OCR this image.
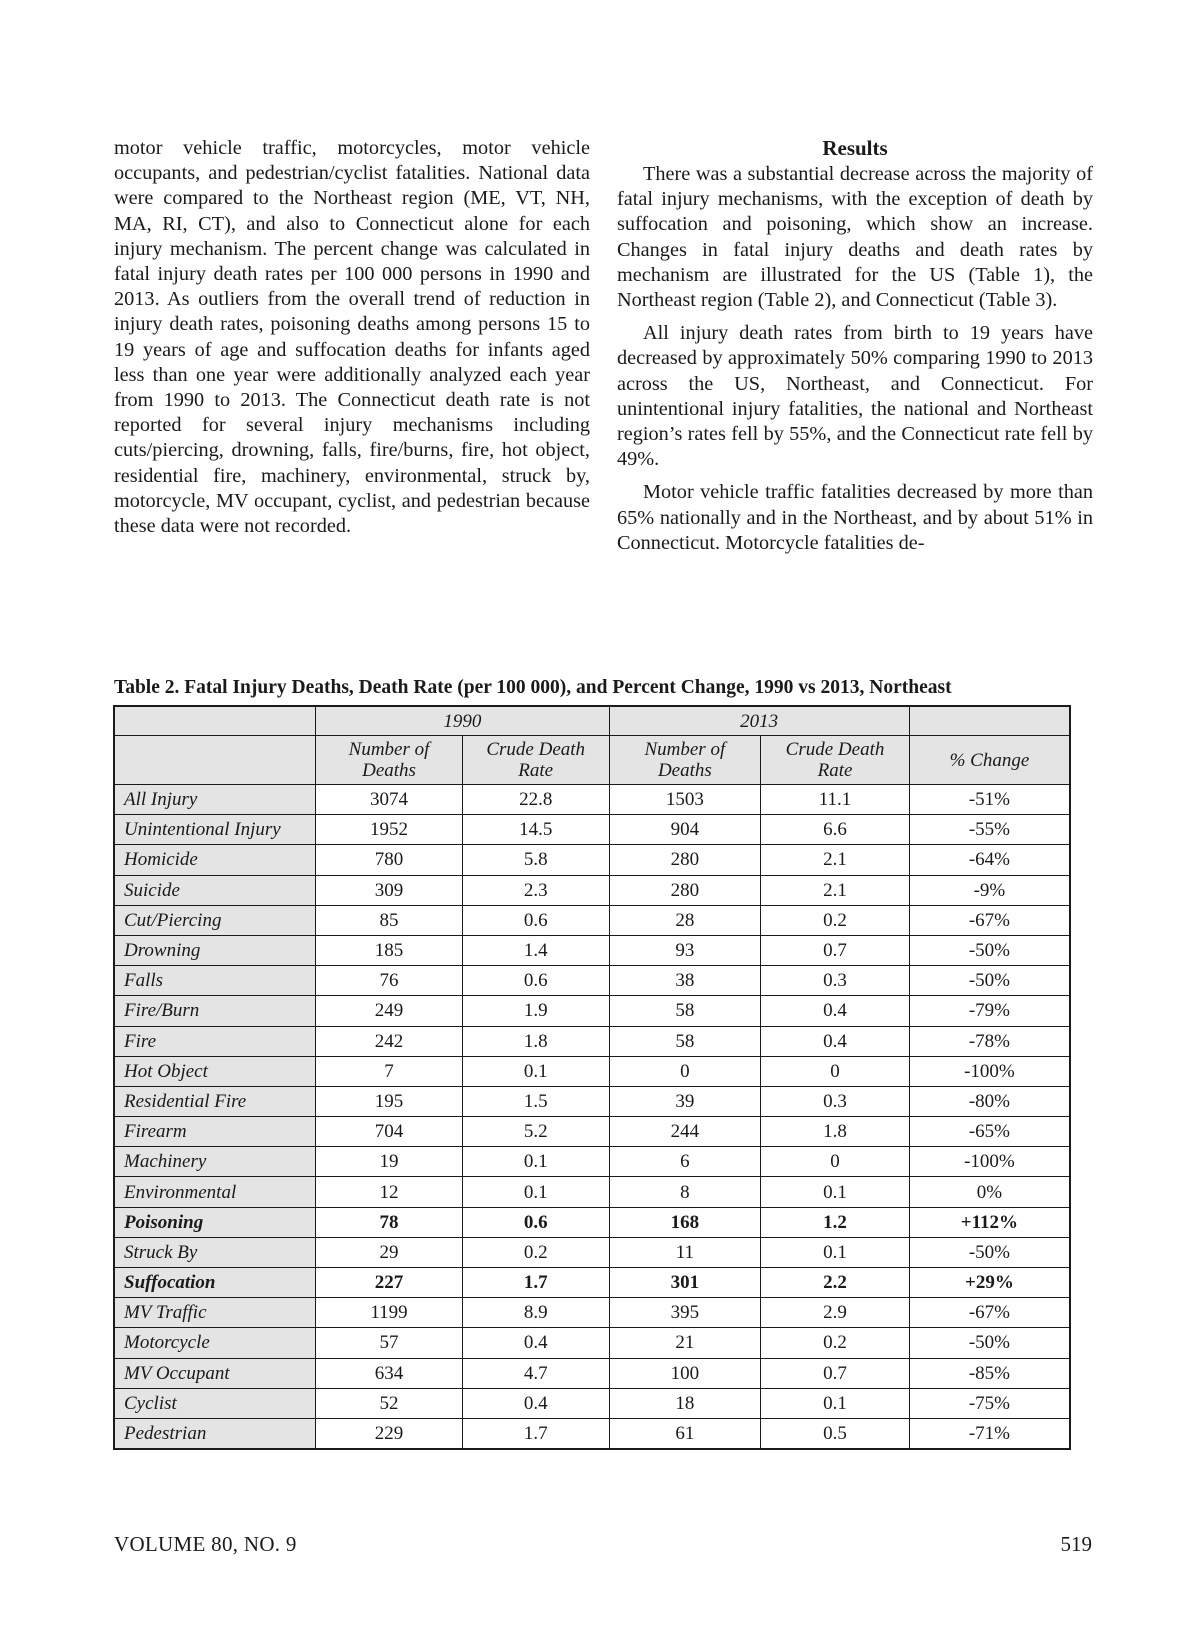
motor vehicle traffic, motorcycles, motor vehicle occupants, and pedestrian/cyclist fatalities. National data were compared to the Northeast region (ME, VT, NH, MA, RI, CT), and also to Connecticut alone for each injury mechanism. The percent change was calculated in fatal injury death rates per 100 000 persons in 1990 and 2013. As outliers from the overall trend of reduction in injury death rates, poisoning deaths among persons 15 to 19 years of age and suffocation deaths for infants aged less than one year were additionally analyzed each year from 1990 to 2013. The Connecticut death rate is not reported for several injury mechanisms including cuts/piercing, drowning, falls, fire/burns, fire, hot object, residential fire, machinery, environmental, struck by, motorcycle, MV occupant, cyclist, and pedestrian because these data were not recorded.

Results

There was a substantial decrease across the majority of fatal injury mechanisms, with the exception of death by suffocation and poisoning, which show an increase. Changes in fatal injury deaths and death rates by mechanism are illustrated for the US (Table 1), the Northeast region (Table 2), and Connecticut (Table 3).

All injury death rates from birth to 19 years have decreased by approximately 50% comparing 1990 to 2013 across the US, Northeast, and Connecticut. For unintentional injury fatalities, the national and Northeast region’s rates fell by 55%, and the Connecticut rate fell by 49%.

Motor vehicle traffic fatalities decreased by more than 65% nationally and in the Northeast, and by about 51% in Connecticut. Motorcycle fatalities de-

Table 2. Fatal Injury Deaths, Death Rate (per 100 000), and Percent Change, 1990 vs 2013, Northeast
	1990		2013		
	Number of Deaths	Crude Death Rate	Number of Deaths	Crude Death Rate	% Change
All Injury	3074	22.8	1503	11.1	-51%
Unintentional Injury	1952	14.5	904	6.6	-55%
Homicide	780	5.8	280	2.1	-64%
Suicide	309	2.3	280	2.1	-9%
Cut/Piercing	85	0.6	28	0.2	-67%
Drowning	185	1.4	93	0.7	-50%
Falls	76	0.6	38	0.3	-50%
Fire/Burn	249	1.9	58	0.4	-79%
Fire	242	1.8	58	0.4	-78%
Hot Object	7	0.1	0	0	-100%
Residential Fire	195	1.5	39	0.3	-80%
Firearm	704	5.2	244	1.8	-65%
Machinery	19	0.1	6	0	-100%
Environmental	12	0.1	8	0.1	0%
Poisoning	78	0.6	168	1.2	+112%
Struck By	29	0.2	11	0.1	-50%
Suffocation	227	1.7	301	2.2	+29%
MV Traffic	1199	8.9	395	2.9	-67%
Motorcycle	57	0.4	21	0.2	-50%
MV Occupant	634	4.7	100	0.7	-85%
Cyclist	52	0.4	18	0.1	-75%
Pedestrian	229	1.7	61	0.5	-71%
VOLUME 80, NO. 9	519
